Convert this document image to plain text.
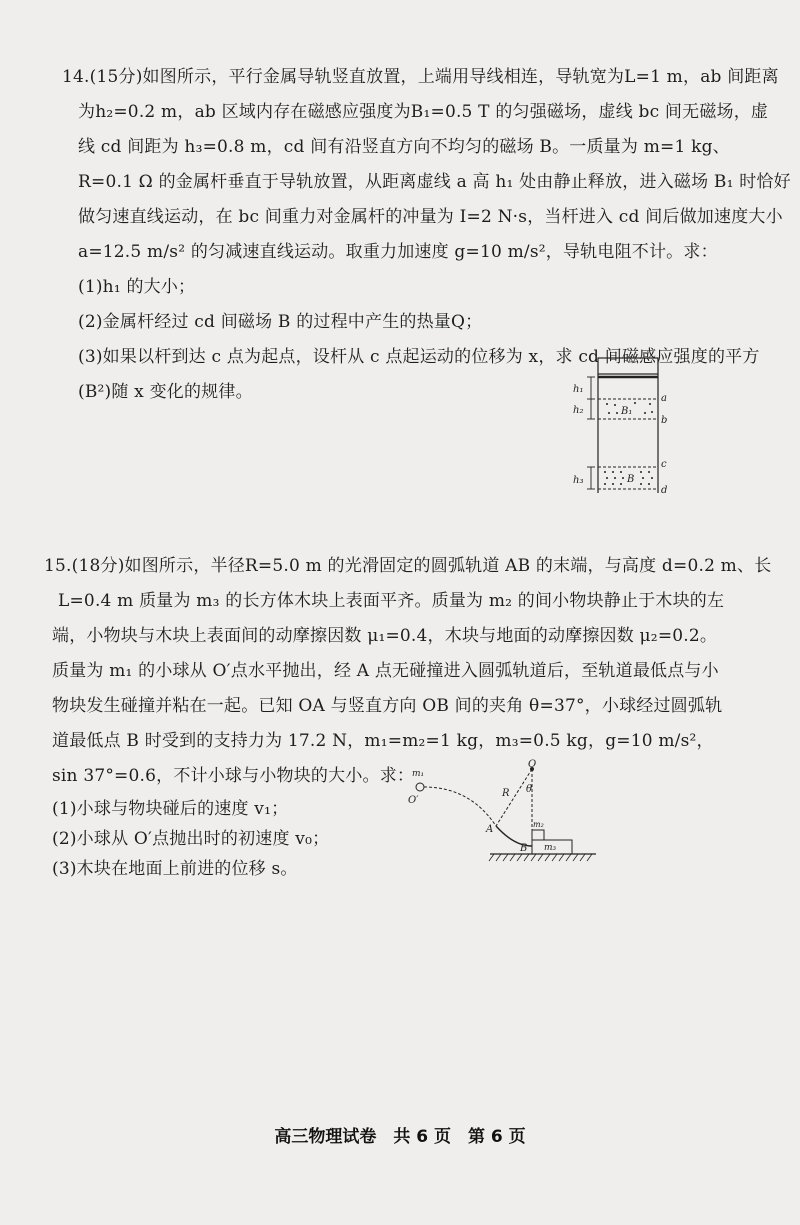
14.(15分)如图所示，平行金属导轨竖直放置，上端用导线相连，导轨宽为L=1 m，ab 间距离
为h₂=0.2 m，ab 区域内存在磁感应强度为B₁=0.5 T 的匀强磁场，虚线 bc 间无磁场，虚
线 cd 间距为 h₃=0.8 m，cd 间有沿竖直方向不均匀的磁场 B。一质量为 m=1 kg、
R=0.1 Ω 的金属杆垂直于导轨放置，从距离虚线 a 高 h₁ 处由静止释放，进入磁场 B₁ 时恰好
做匀速直线运动，在 bc 间重力对金属杆的冲量为 I=2 N·s，当杆进入 cd 间后做加速度大小
a=12.5 m/s² 的匀减速直线运动。取重力加速度 g=10 m/s²，导轨电阻不计。求：
(1)h₁ 的大小；
(2)金属杆经过 cd 间磁场 B 的过程中产生的热量Q；
(3)如果以杆到达 c 点为起点，设杆从 c 点起运动的位移为 x，求 cd 间磁感应强度的平方
(B²)随 x 变化的规律。	h₁
h₂
h₃
a
b
c
d
B₁
B
15.(18分)如图所示，半径R=5.0 m 的光滑固定的圆弧轨道 AB 的末端，与高度 d=0.2 m、长
L=0.4 m 质量为 m₃ 的长方体木块上表面平齐。质量为 m₂ 的间小物块静止于木块的左
端，小物块与木块上表面间的动摩擦因数 μ₁=0.4，木块与地面的动摩擦因数 μ₂=0.2。
质量为 m₁ 的小球从 O′点水平抛出，经 A 点无碰撞进入圆弧轨道后，至轨道最低点与小
物块发生碰撞并粘在一起。已知 OA 与竖直方向 OB 间的夹角 θ=37°，小球经过圆弧轨
道最低点 B 时受到的支持力为 17.2 N，m₁=m₂=1 kg，m₃=0.5 kg，g=10 m/s²，
sin 37°=0.6，不计小球与小物块的大小。求：
(1)小球与物块碰后的速度 v₁；
(2)小球从 O′点抛出时的初速度 v₀；
(3)木块在地面上前进的位移 s。
O
m₁
O′
R θ
A	m₂
B m₃
高三物理试卷　共 6 页　第 6 页
